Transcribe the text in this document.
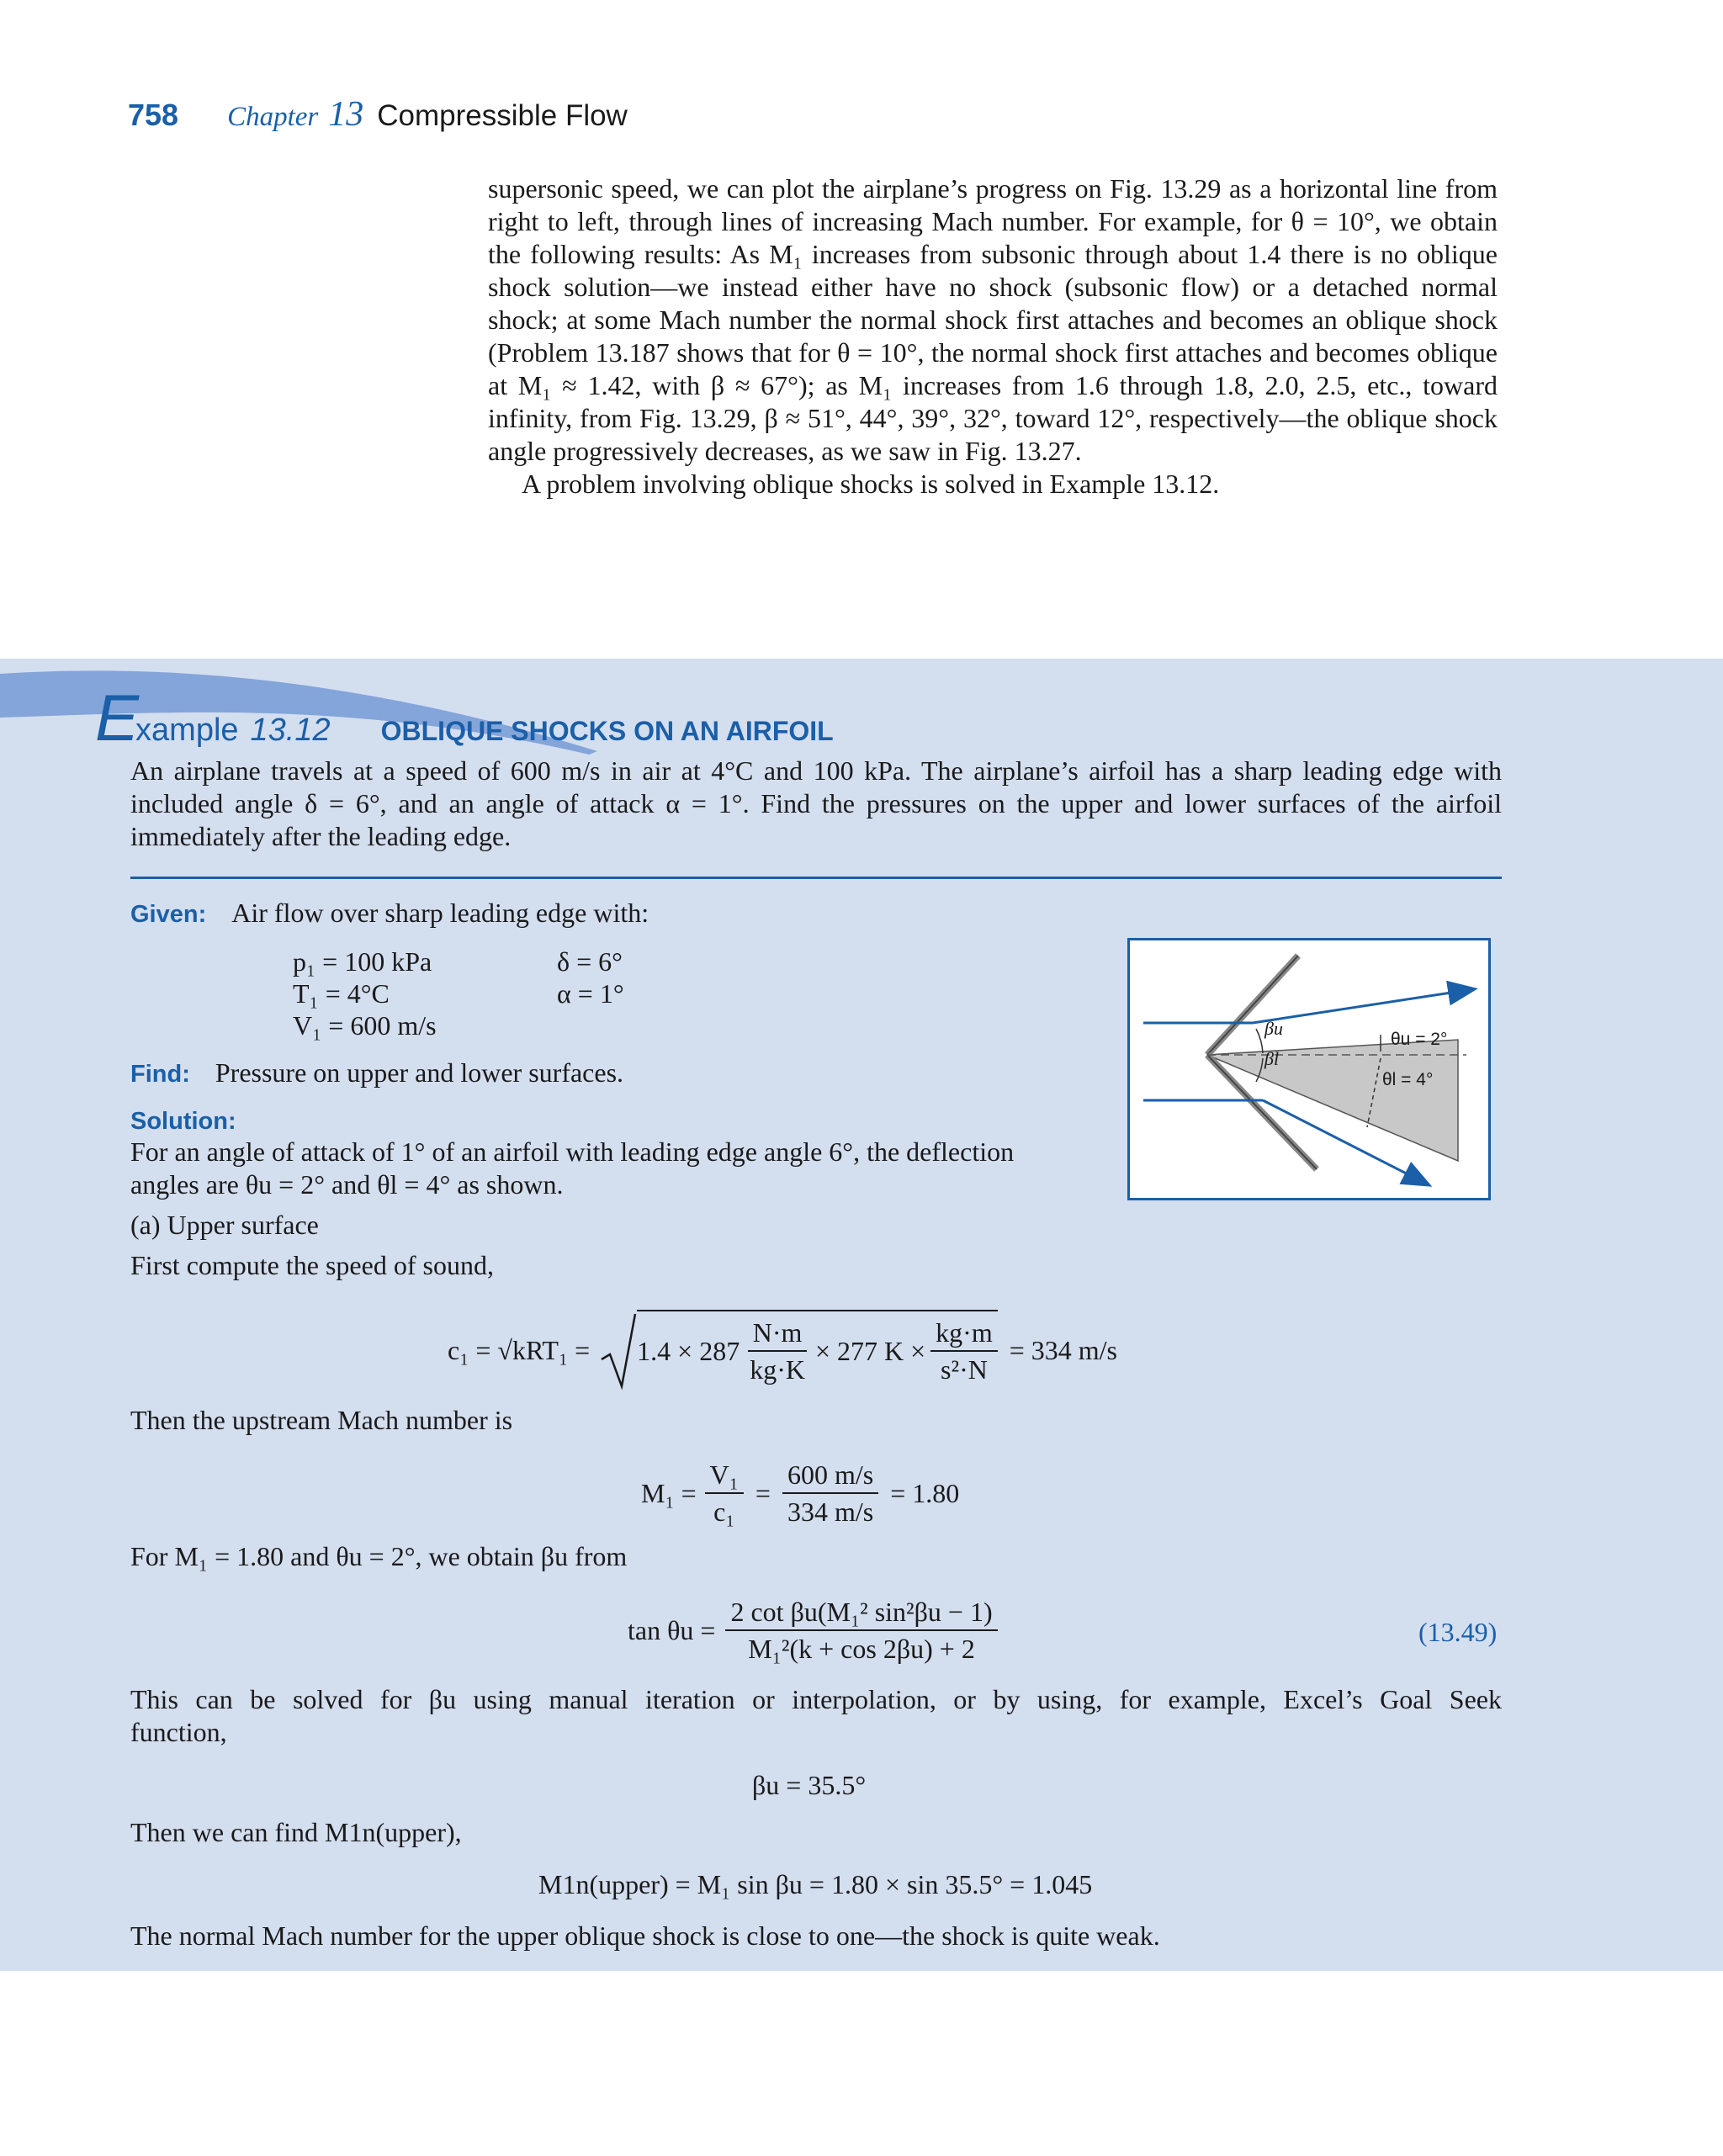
758 Chapter 13 Compressible Flow

supersonic speed, we can plot the airplane’s progress on Fig. 13.29 as a horizontal line from right to left, through lines of increasing Mach number. For example, for θ = 10°, we obtain the following results: As M₁ increases from subsonic through about 1.4 there is no oblique shock solution—we instead either have no shock (subsonic flow) or a detached normal shock; at some Mach number the normal shock first attaches and becomes an oblique shock (Problem 13.187 shows that for θ = 10°, the normal shock first attaches and becomes oblique at M₁ ≈ 1.42, with β ≈ 67°); as M₁ increases from 1.6 through 1.8, 2.0, 2.5, etc., toward infinity, from Fig. 13.29, β ≈ 51°, 44°, 39°, 32°, toward 12°, respectively—the oblique shock angle progressively decreases, as we saw in Fig. 13.27.

A problem involving oblique shocks is solved in Example 13.12.

E
xample 13.12 OBLIQUE SHOCKS ON AN AIRFOIL
An airplane travels at a speed of 600 m/s in air at 4°C and 100 kPa. The airplane’s airfoil has a sharp leading edge with included angle δ = 6°, and an angle of attack α = 1°. Find the pressures on the upper and lower surfaces of the airfoil immediately after the leading edge.
Given: Air flow over sharp leading edge with:
p₁ = 100 kPa	δ = 6°
T₁ = 4°C	α = 1°
V₁ = 600 m/s
Find: Pressure on upper and lower surfaces.
Solution:
For an angle of attack of 1° of an airfoil with leading edge angle 6°, the deflection
angles are θu = 2° and θl = 4° as shown.
(a) Upper surface
First compute the speed of sound,
βu
βl
θu = 2°
θl = 4°
$c_1 = √kRT_1 = 1.4 \times 287 \frac{N\cdot m}{kg\cdot K} \times 277$ $K \times \frac{kg\cdot m}{\text{s²·N}} = 334$ m/s
Then the upstream Mach number is
$M_1 = \frac{\text{V₁}}{\text{c₁}} = \frac{600 m/s}{334 m/s} = 1.80$
For M₁ = 1.80 and θu = 2°, we obtain βu from
$\tan \theta u = \frac{\text{2 cot βu(M₁² sin²βu − 1)}}{\text{M₁²(k + cos 2βu) + 2}}$	(13.49)
This can be solved for βu using manual iteration or interpolation, or by using, for example, Excel’s Goal Seek
function,
βu = 35.5°
Then we can find M1n(upper),
M1n(upper) = M₁ sin βu = 1.80 × sin 35.5° = 1.045
The normal Mach number for the upper oblique shock is close to one—the shock is quite weak.
